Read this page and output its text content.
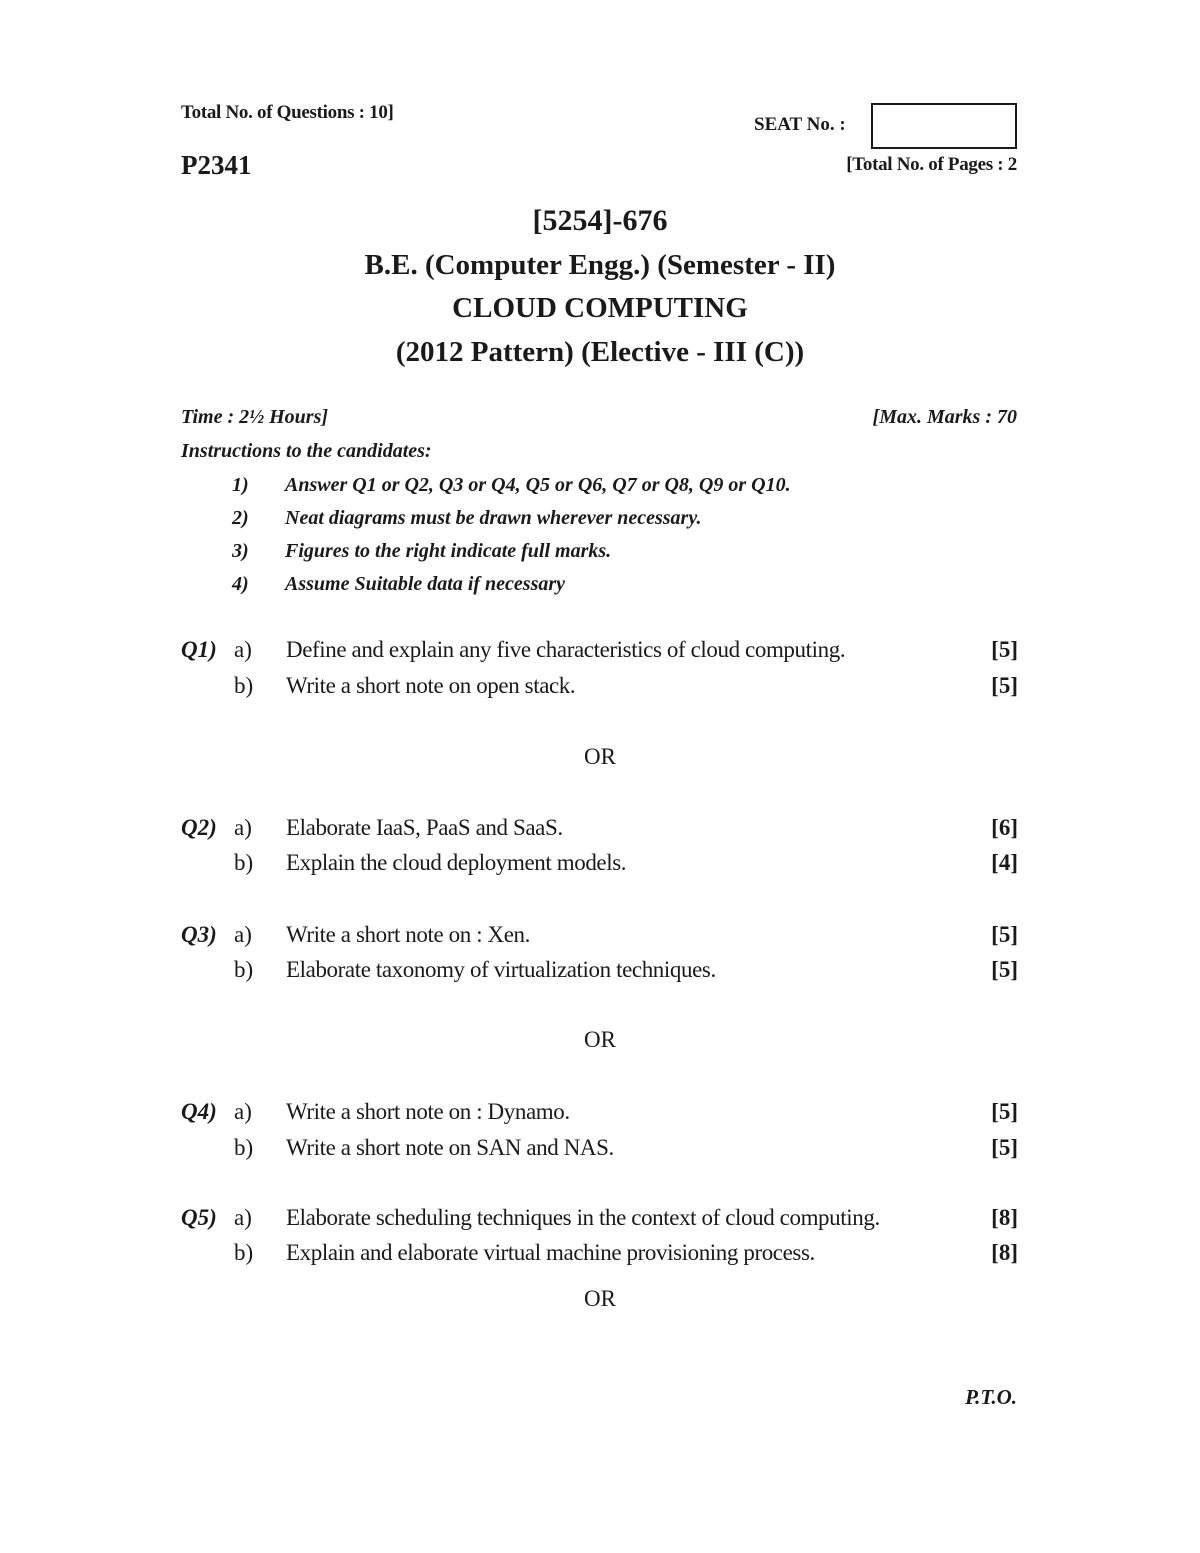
Total No. of Questions : 10]
P2341
SEAT No. :
[Total No. of Pages : 2
[5254]-676
B.E. (Computer Engg.) (Semester - II)
CLOUD COMPUTING
(2012 Pattern) (Elective - III (C))
Time : 2½ Hours]	[Max. Marks : 70
Instructions to the candidates:
1) Answer Q1 or Q2, Q3 or Q4, Q5 or Q6, Q7 or Q8, Q9 or Q10.
2) Neat diagrams must be drawn wherever necessary.
3) Figures to the right indicate full marks.
4) Assume Suitable data if necessary
Q1) a) Define and explain any five characteristics of cloud computing.	[5]
b) Write a short note on open stack.	[5]
OR
Q2) a) Elaborate IaaS, PaaS and SaaS.	[6]
b) Explain the cloud deployment models.	[4]
Q3) a) Write a short note on : Xen.	[5]
b) Elaborate taxonomy of virtualization techniques.	[5]
OR
Q4) a) Write a short note on : Dynamo.	[5]
b) Write a short note on SAN and NAS.	[5]
Q5) a) Elaborate scheduling techniques in the context of cloud computing.	[8]
b) Explain and elaborate virtual machine provisioning process.	[8]
OR
P.T.O.
